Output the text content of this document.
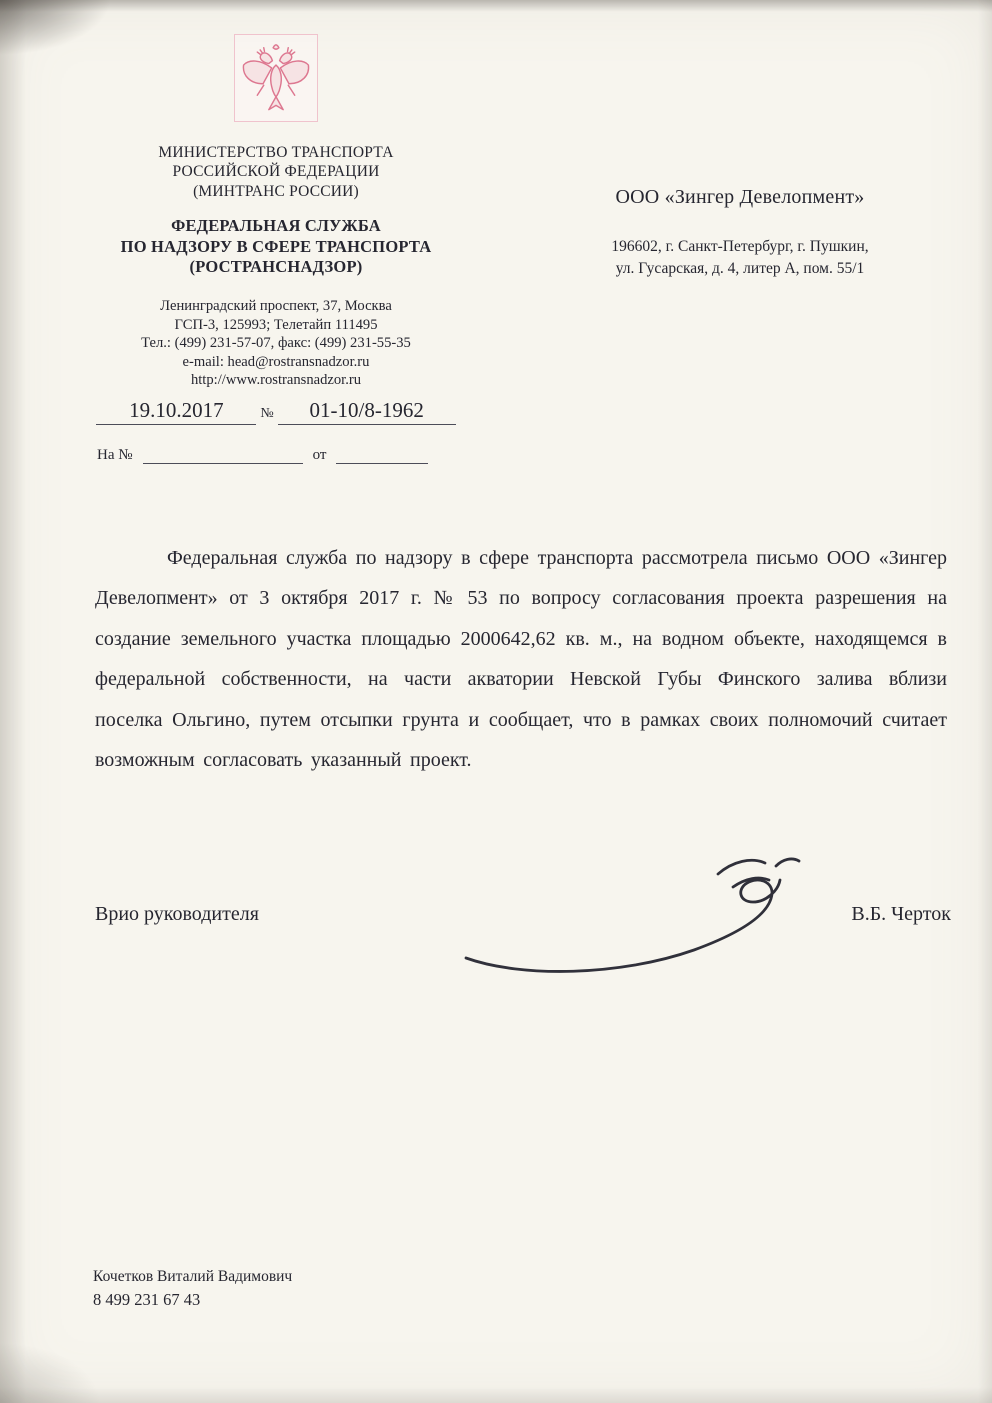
МИНИСТЕРСТВО ТРАНСПОРТА
РОССИЙСКОЙ ФЕДЕРАЦИИ
(МИНТРАНС РОССИИ)
ФЕДЕРАЛЬНАЯ СЛУЖБА
ПО НАДЗОРУ В СФЕРЕ ТРАНСПОРТА
(РОСТРАНСНАДЗОР)
Ленинградский проспект, 37, Москва
ГСП-3, 125993; Телетайп 111495
Тел.: (499) 231-57-07, факс: (499) 231-55-35
e-mail: head@rostransnadzor.ru
http://www.rostransnadzor.ru
19.10.2017	№	01-10/8-1962
На №	от
ООО «Зингер Девелопмент»
196602, г. Санкт-Петербург, г. Пушкин,
ул. Гусарская, д. 4, литер А, пом. 55/1
Федеральная служба по надзору в сфере транспорта рассмотрела письмо ООО «Зингер Девелопмент» от 3 октября 2017 г. № 53 по вопросу согласования проекта разрешения на создание земельного участка площадью 2000642,62 кв. м., на водном объекте, находящемся в федеральной собственности, на части акватории Невской Губы Финского залива вблизи поселка Ольгино, путем отсыпки грунта и сообщает, что в рамках своих полномочий считает возможным согласовать указанный проект.
Врио руководителя	В.Б. Черток
Кочетков Виталий Вадимович
8 499 231 67 43
